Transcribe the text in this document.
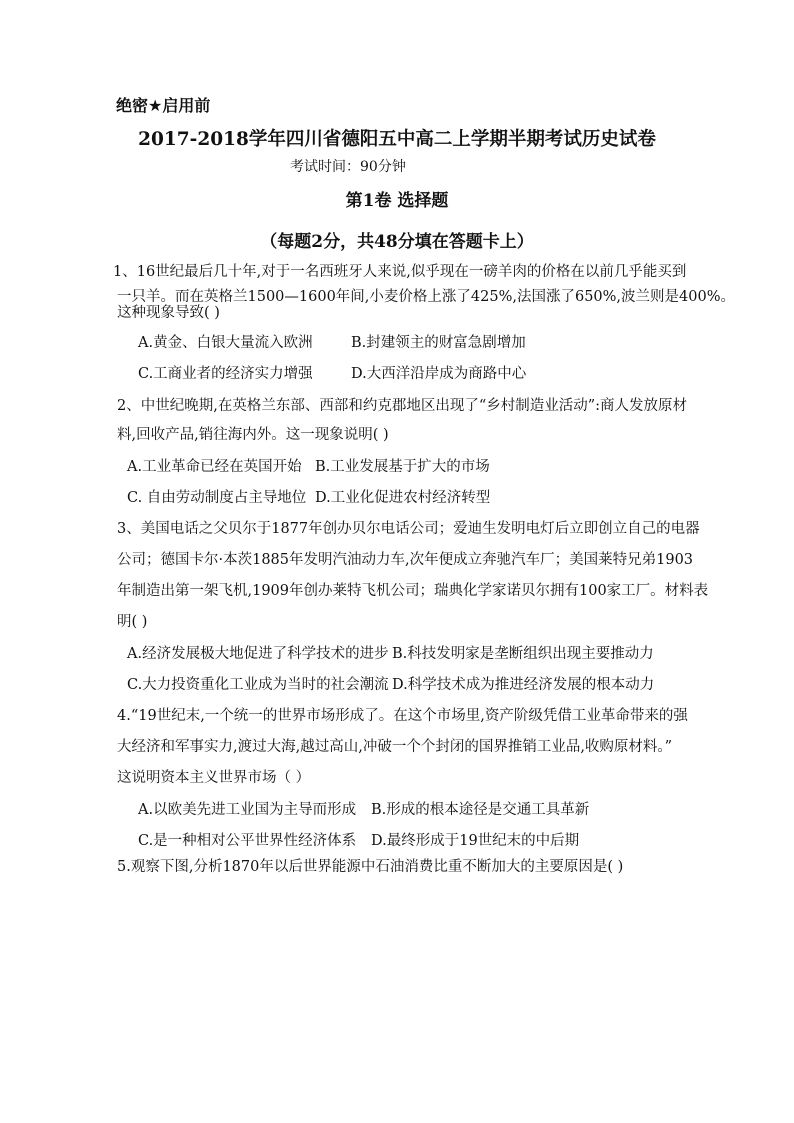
绝密★启用前
2017-2018学年四川省德阳五中高二上学期半期考试历史试卷
考试时间：90分钟
第1卷 选择题
（每题2分，共48分填在答题卡上）
1、16世纪最后几十年,对于一名西班牙人来说,似乎现在一磅羊肉的价格在以前几乎能买到
一只羊。而在英格兰1500—1600年间,小麦价格上涨了425%,法国涨了650%,波兰则是400%。
这种现象导致( )
A.黄金、白银大量流入欧洲	B.封建领主的财富急剧增加
C.工商业者的经济实力增强	D.大西洋沿岸成为商路中心
2、中世纪晚期,在英格兰东部、西部和约克郡地区出现了“乡村制造业活动”:商人发放原材
料,回收产品,销往海内外。这一现象说明( )
A.工业革命已经在英国开始 B.工业发展基于扩大的市场
C. 自由劳动制度占主导地位 D.工业化促进农村经济转型
3、美国电话之父贝尔于1877年创办贝尔电话公司；爱迪生发明电灯后立即创立自己的电器
公司；德国卡尔·本茨1885年发明汽油动力车,次年便成立奔驰汽车厂；美国莱特兄弟1903
年制造出第一架飞机,1909年创办莱特飞机公司；瑞典化学家诺贝尔拥有100家工厂。材料表
明( )
A.经济发展极大地促进了科学技术的进步 B.科技发明家是垄断组织出现主要推动力
C.大力投资重化工业成为当时的社会潮流 D.科学技术成为推进经济发展的根本动力
4.“19世纪末,一个统一的世界市场形成了。在这个市场里,资产阶级凭借工业革命带来的强
大经济和军事实力,渡过大海,越过高山,冲破一个个封闭的国界推销工业品,收购原材料。”
这说明资本主义世界市场（ ）
A.以欧美先进工业国为主导而形成 B.形成的根本途径是交通工具革新
C.是一种相对公平世界性经济体系 D.最终形成于19世纪末的中后期
5.观察下图,分析1870年以后世界能源中石油消费比重不断加大的主要原因是( )
